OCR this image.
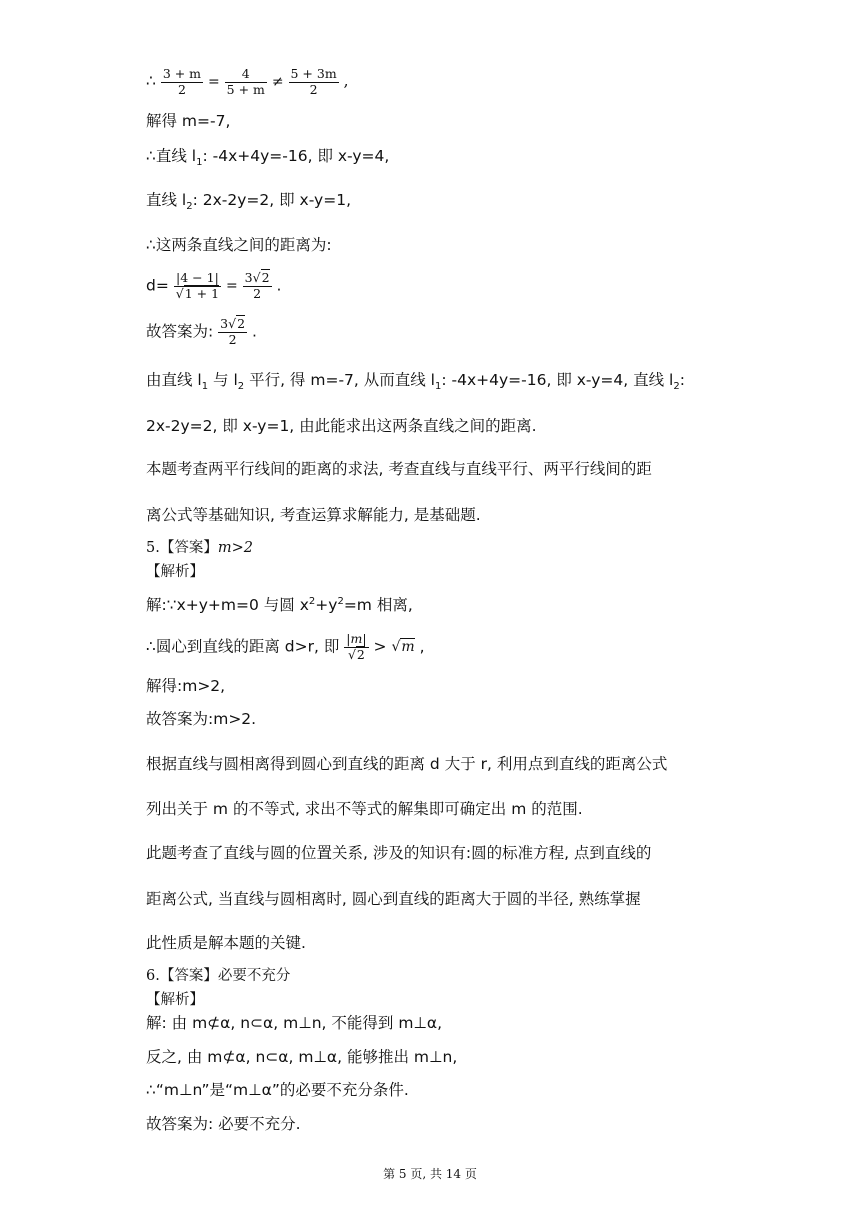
∴ $\frac{3 + m}{2} = \frac{4}{5 + m} \ne \frac{5 + 3m}{2}$ ,
解得 m=-7,
∴直线 $l_1$: -4x+4y=-16, 即 x-y=4,
直线 $l_2$: 2x-2y=2, 即 x-y=1,
∴这两条直线之间的距离为:
$d= \frac{|4 - 1|}{√1 + 1} = \frac{3√2}{2}$ .
故答案为: $\frac{3√2}{2}$ .
由直线 $l_1$ 与 $l_2$ 平行, 得 m=-7, 从而直线 $l_1$: -4x+4y=-16, 即 x-y=4, 直线 $l_2$:
2x-2y=2, 即 x-y=1, 由此能求出这两条直线之间的距离.
本题考查两平行线间的距离的求法, 考查直线与直线平行、两平行线间的距
离公式等基础知识, 考查运算求解能力, 是基础题.
5.【答案】m>2
【解析】
解:∵x+y+m=0 与圆 $x^2+y^2=m$ 相离,
∴圆心到直线的距离 d>r, 即 $\frac{|m|}{√2} > √m$ ,
解得:m>2,
故答案为:m>2.
根据直线与圆相离得到圆心到直线的距离 d 大于 r, 利用点到直线的距离公式
列出关于 m 的不等式, 求出不等式的解集即可确定出 m 的范围.
此题考查了直线与圆的位置关系, 涉及的知识有:圆的标准方程, 点到直线的
距离公式, 当直线与圆相离时, 圆心到直线的距离大于圆的半径, 熟练掌握
此性质是解本题的关键.
6.【答案】必要不充分
【解析】
解: 由 m⊄α, n⊂α, m⊥n, 不能得到 m⊥α,
反之, 由 m⊄α, n⊂α, m⊥α, 能够推出 m⊥n,
∴“m⊥n”是“m⊥α”的必要不充分条件.
故答案为: 必要不充分.
第 5 页, 共 14 页
